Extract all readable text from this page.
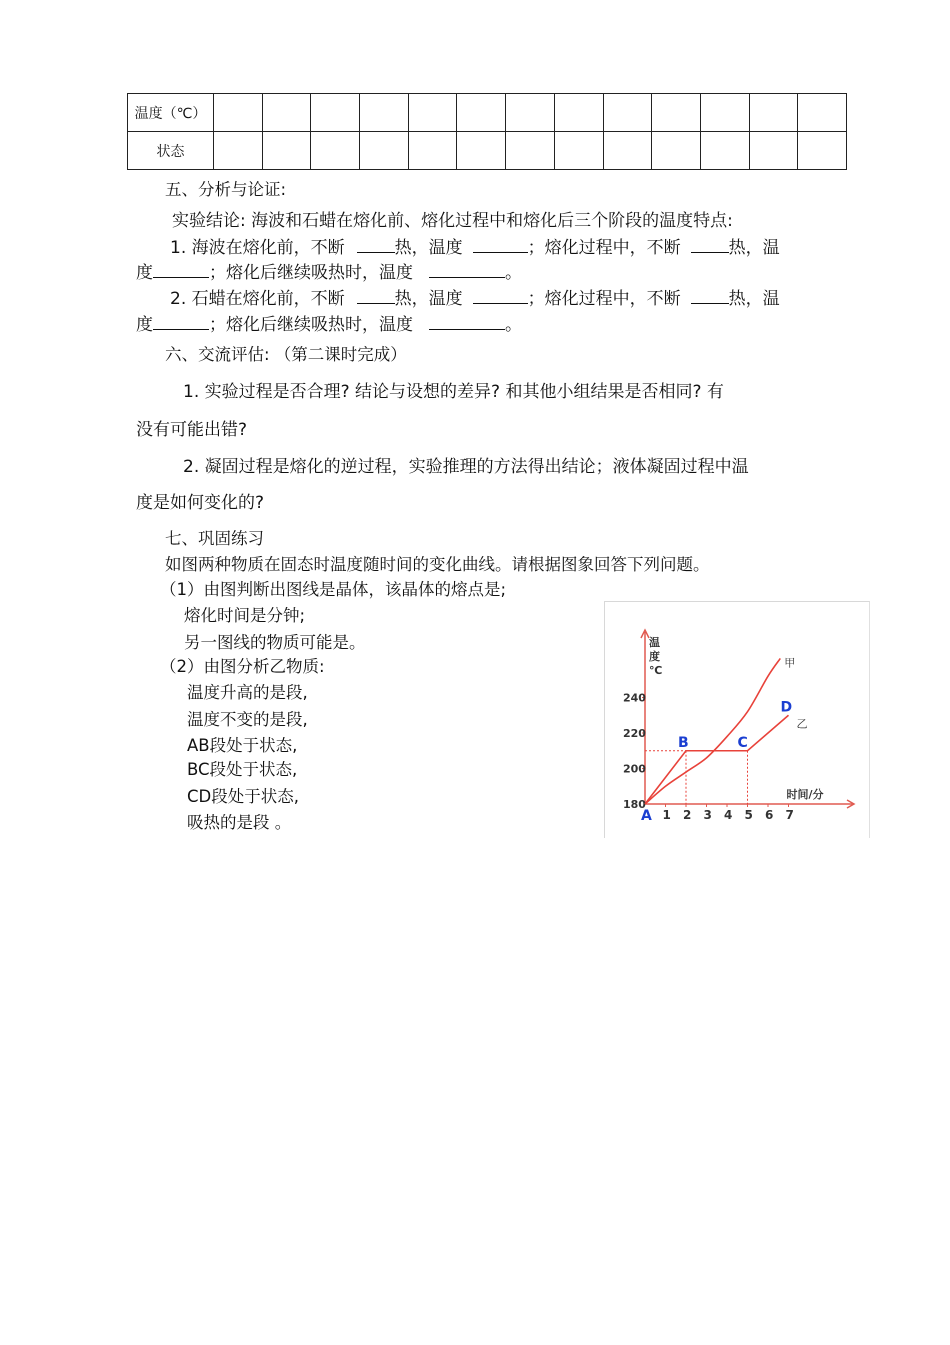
温度（℃）													
状态													
五、分析与论证:
实验结论: 海波和石蜡在熔化前、熔化过程中和熔化后三个阶段的温度特点:
1. 海波在熔化前，不断	热，温度	；熔化过程中，不断	热，温
度	；熔化后继续吸热时，温度	。
2. 石蜡在熔化前，不断	热，温度	；熔化过程中，不断	热，温
度	；熔化后继续吸热时，温度	。
六、交流评估: （第二课时完成）
1. 实验过程是否合理? 结论与设想的差异? 和其他小组结果是否相同? 有
没有可能出错?
2. 凝固过程是熔化的逆过程，实验推理的方法得出结论；液体凝固过程中温
度是如何变化的?
七、巩固练习
如图两种物质在固态时温度随时间的变化曲线。请根据图象回答下列问题。
（1）由图判断出图线是晶体，该晶体的熔点是;
熔化时间是分钟;
另一图线的物质可能是。
（2）由图分析乙物质:
温度升高的是段,
温度不变的是段,
AB段处于状态,
BC段处于状态,
CD段处于状态,
吸热的是段 。
温
度
℃
时间/分
180
200
220
240
1 2 3 4 5 6 7
甲
乙
A
B	C
D
